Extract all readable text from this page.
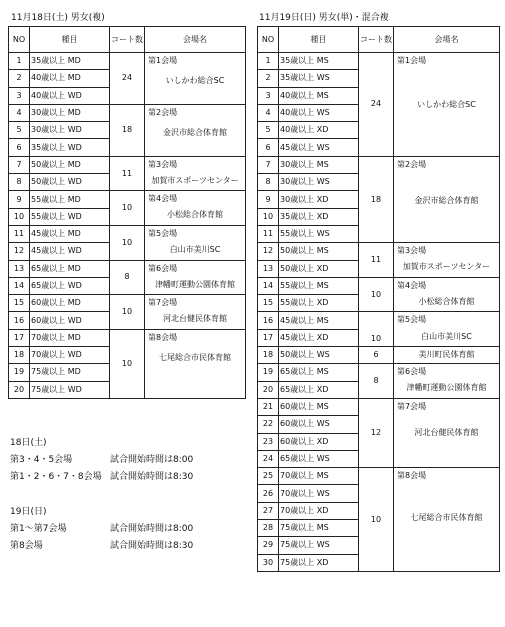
11月18日(土) 男女(複)
NO	種目	コート数	会場名
1	35歳以上 MD	24	第1会場
いしかわ総合SC

2	40歳以上 MD		
3	40歳以上 WD		
4	30歳以上 MD	18	第2会場
金沢市総合体育館

5	30歳以上 WD		
6	35歳以上 WD		
7	50歳以上 MD	11	第3会場
加賀市スポーツセンター

8	50歳以上 WD		
9	55歳以上 MD	10	第4会場
小松総合体育館

10	55歳以上 WD		
11	45歳以上 MD	10	第5会場
白山市美川SC

12	45歳以上 WD		
13	65歳以上 MD	8	第6会場
津幡町運動公園体育館

14	65歳以上 WD		
15	60歳以上 MD	10	第7会場
河北台健民体育館

16	60歳以上 WD		
17	70歳以上 MD	10	第8会場
七尾総合市民体育館

18	70歳以上 WD		
19	75歳以上 MD		
20	75歳以上 WD		
18日(土)
第3・4・5会場	試合開始時間は8:00
第1・2・6・7・8会場 試合開始時間は8:30
19日(日)
第1～第7会場	試合開始時間は8:00
第8会場	試合開始時間は8:30
11月19日(日) 男女(単)・混合複
NO	種目	コート数	会場名
1	35歳以上 MS	24	第1会場
いしかわ総合SC

2	35歳以上 WS		
3	40歳以上 MS		
4	40歳以上 WS		
5	40歳以上 XD		
6	45歳以上 WS		
7	30歳以上 MS	18	第2会場
金沢市総合体育館

8	30歳以上 WS		
9	30歳以上 XD		
10	35歳以上 XD		
11	55歳以上 WS		
12	50歳以上 MS	11	第3会場
加賀市スポーツセンター

13	50歳以上 XD		
14	55歳以上 MS	10	第4会場
小松総合体育館

15	55歳以上 XD		
16	45歳以上 MS	10	第5会場
白山市美川SC

17	45歳以上 XD		
18	50歳以上 WS	6	美川町民体育館
19	65歳以上 MS	8	第6会場
津幡町運動公園体育館

20	65歳以上 XD		
21	60歳以上 MS	12	第7会場
河北台健民体育館

22	60歳以上 WS		
23	60歳以上 XD		
24	65歳以上 WS		
25	70歳以上 MS	10	第8会場
七尾総合市民体育館

26	70歳以上 WS		
27	70歳以上 XD		
28	75歳以上 MS		
29	75歳以上 WS		
30	75歳以上 XD		
